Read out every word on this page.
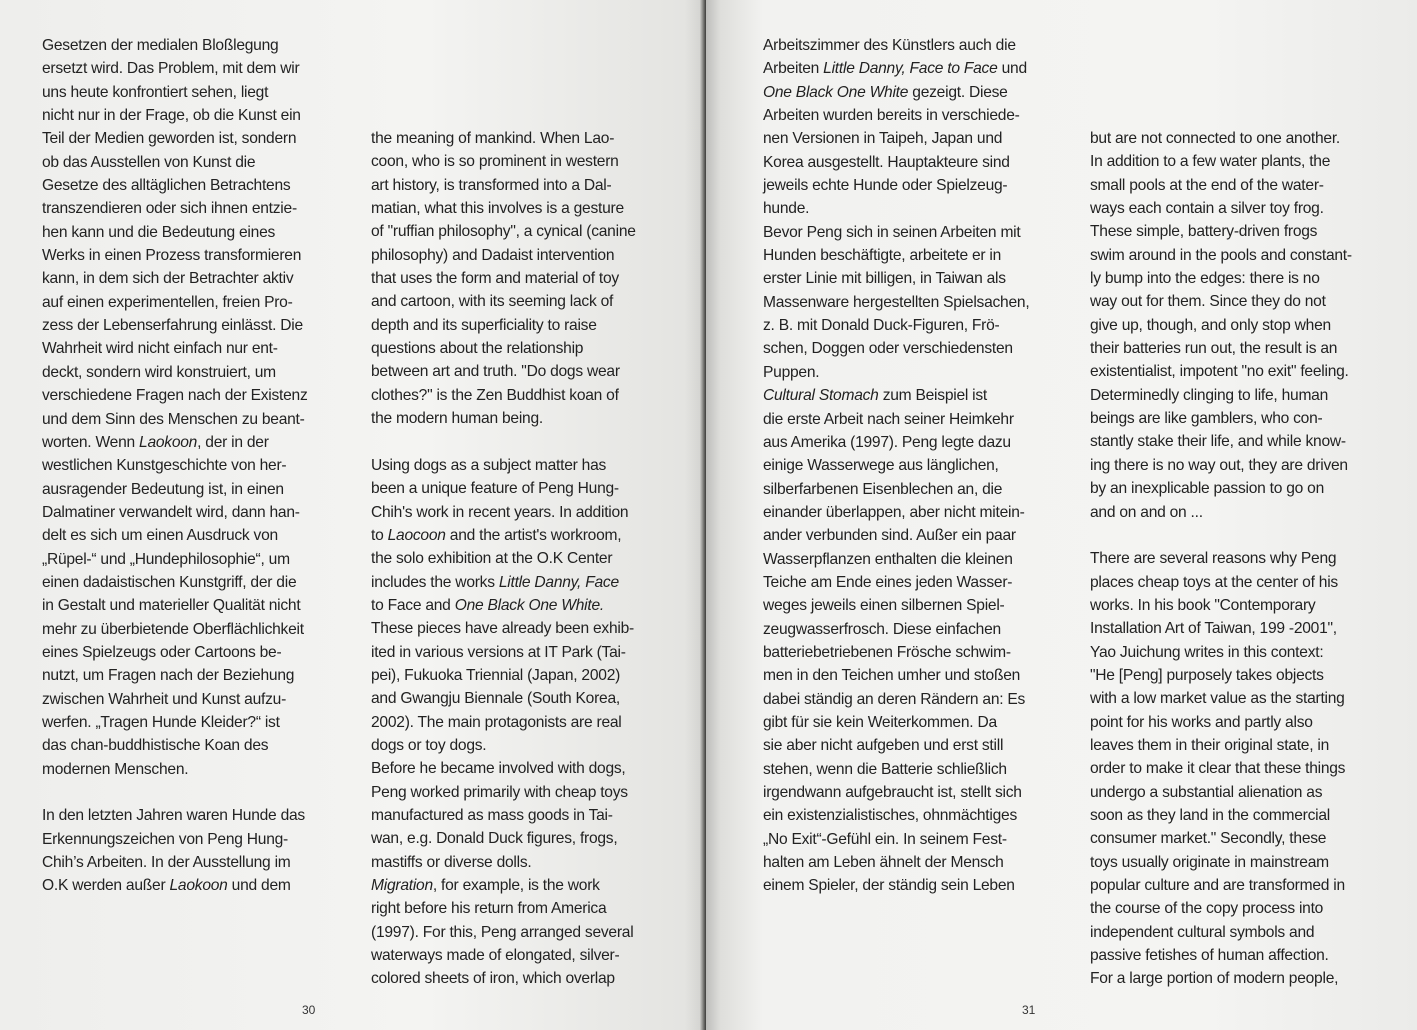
Gesetzen der medialen Bloßlegung
ersetzt wird. Das Problem, mit dem wir
uns heute konfrontiert sehen, liegt
nicht nur in der Frage, ob die Kunst ein
Teil der Medien geworden ist, sondern
ob das Ausstellen von Kunst die
Gesetze des alltäglichen Betrachtens
transzendieren oder sich ihnen entzie-
hen kann und die Bedeutung eines
Werks in einen Prozess transformieren
kann, in dem sich der Betrachter aktiv
auf einen experimentellen, freien Pro-
zess der Lebenserfahrung einlässt. Die
Wahrheit wird nicht einfach nur ent-
deckt, sondern wird konstruiert, um
verschiedene Fragen nach der Existenz
und dem Sinn des Menschen zu beant-
worten. Wenn Laokoon, der in der
westlichen Kunstgeschichte von her-
ausragender Bedeutung ist, in einen
Dalmatiner verwandelt wird, dann han-
delt es sich um einen Ausdruck von
„Rüpel-“ und „Hundephilosophie“, um
einen dadaistischen Kunstgriff, der die
in Gestalt und materieller Qualität nicht
mehr zu überbietende Oberflächlichkeit
eines Spielzeugs oder Cartoons be-
nutzt, um Fragen nach der Beziehung
zwischen Wahrheit und Kunst aufzu-
werfen. „Tragen Hunde Kleider?“ ist
das chan-buddhistische Koan des
modernen Menschen.

In den letzten Jahren waren Hunde das
Erkennungszeichen von Peng Hung-
Chih’s Arbeiten. In der Ausstellung im
O.K werden außer Laokoon und dem

the meaning of mankind. When Lao-
coon, who is so prominent in western
art history, is transformed into a Dal-
matian, what this involves is a gesture
of "ruffian philosophy", a cynical (canine
philosophy) and Dadaist intervention
that uses the form and material of toy
and cartoon, with its seeming lack of
depth and its superficiality to raise
questions about the relationship
between art and truth. "Do dogs wear
clothes?" is the Zen Buddhist koan of
the modern human being.

Using dogs as a subject matter has
been a unique feature of Peng Hung-
Chih's work in recent years. In addition
to Laocoon and the artist's workroom,
the solo exhibition at the O.K Center
includes the works Little Danny, Face
to Face and One Black One White.
These pieces have already been exhib-
ited in various versions at IT Park (Tai-
pei), Fukuoka Triennial (Japan, 2002)
and Gwangju Biennale (South Korea,
2002). The main protagonists are real
dogs or toy dogs.
Before he became involved with dogs,
Peng worked primarily with cheap toys
manufactured as mass goods in Tai-
wan, e.g. Donald Duck figures, frogs,
mastiffs or diverse dolls.
Migration, for example, is the work
right before his return from America
(1997). For this, Peng arranged several
waterways made of elongated, silver-
colored sheets of iron, which overlap

30

Arbeitszimmer des Künstlers auch die
Arbeiten Little Danny, Face to Face und
One Black One White gezeigt. Diese
Arbeiten wurden bereits in verschiede-
nen Versionen in Taipeh, Japan und
Korea ausgestellt. Hauptakteure sind
jeweils echte Hunde oder Spielzeug-
hunde.
Bevor Peng sich in seinen Arbeiten mit
Hunden beschäftigte, arbeitete er in
erster Linie mit billigen, in Taiwan als
Massenware hergestellten Spielsachen,
z. B. mit Donald Duck-Figuren, Frö-
schen, Doggen oder verschiedensten
Puppen.
Cultural Stomach zum Beispiel ist
die erste Arbeit nach seiner Heimkehr
aus Amerika (1997). Peng legte dazu
einige Wasserwege aus länglichen,
silberfarbenen Eisenblechen an, die
einander überlappen, aber nicht mitein-
ander verbunden sind. Außer ein paar
Wasserpflanzen enthalten die kleinen
Teiche am Ende eines jeden Wasser-
weges jeweils einen silbernen Spiel-
zeugwasserfrosch. Diese einfachen
batteriebetriebenen Frösche schwim-
men in den Teichen umher und stoßen
dabei ständig an deren Rändern an: Es
gibt für sie kein Weiterkommen. Da
sie aber nicht aufgeben und erst still
stehen, wenn die Batterie schließlich
irgendwann aufgebraucht ist, stellt sich
ein existenzialistisches, ohnmächtiges
„No Exit“-Gefühl ein. In seinem Fest-
halten am Leben ähnelt der Mensch
einem Spieler, der ständig sein Leben

but are not connected to one another.
In addition to a few water plants, the
small pools at the end of the water-
ways each contain a silver toy frog.
These simple, battery-driven frogs
swim around in the pools and constant-
ly bump into the edges: there is no
way out for them. Since they do not
give up, though, and only stop when
their batteries run out, the result is an
existentialist, impotent "no exit" feeling.
Determinedly clinging to life, human
beings are like gamblers, who con-
stantly stake their life, and while know-
ing there is no way out, they are driven
by an inexplicable passion to go on
and on and on ...

There are several reasons why Peng
places cheap toys at the center of his
works. In his book "Contemporary
Installation Art of Taiwan, 199 -2001",
Yao Juichung writes in this context:
"He [Peng] purposely takes objects
with a low market value as the starting
point for his works and partly also
leaves them in their original state, in
order to make it clear that these things
undergo a substantial alienation as
soon as they land in the commercial
consumer market." Secondly, these
toys usually originate in mainstream
popular culture and are transformed in
the course of the copy process into
independent cultural symbols and
passive fetishes of human affection.
For a large portion of modern people,

31
